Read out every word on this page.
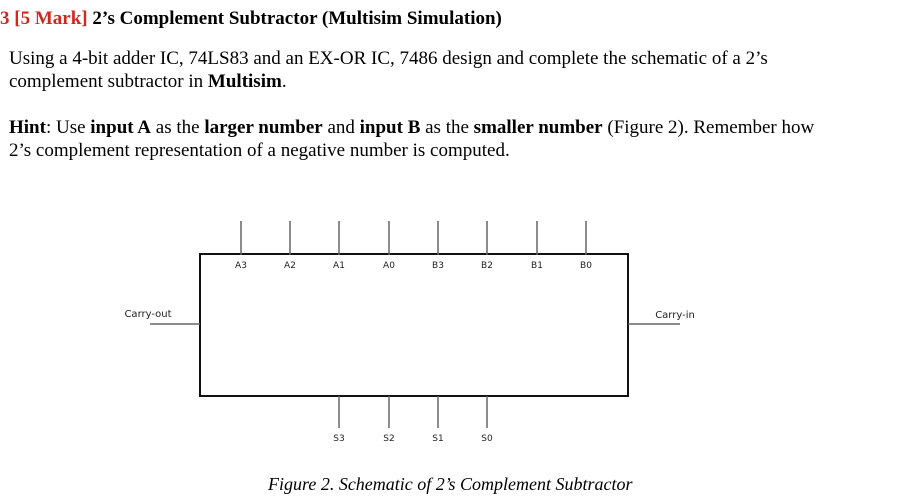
3 [5 Mark] 2’s Complement Subtractor (Multisim Simulation)
Using a 4-bit adder IC, 74LS83 and an EX-OR IC, 7486 design and complete the schematic of a 2’s
complement subtractor in Multisim.
Hint: Use input A as the larger number and input B as the smaller number (Figure 2). Remember how
2’s complement representation of a negative number is computed.
A3	A2	A1	A0	B3	B2	B1	B0
S3	S2	S1	S0
Carry-out	Carry-in
Figure 2. Schematic of 2’s Complement Subtractor
